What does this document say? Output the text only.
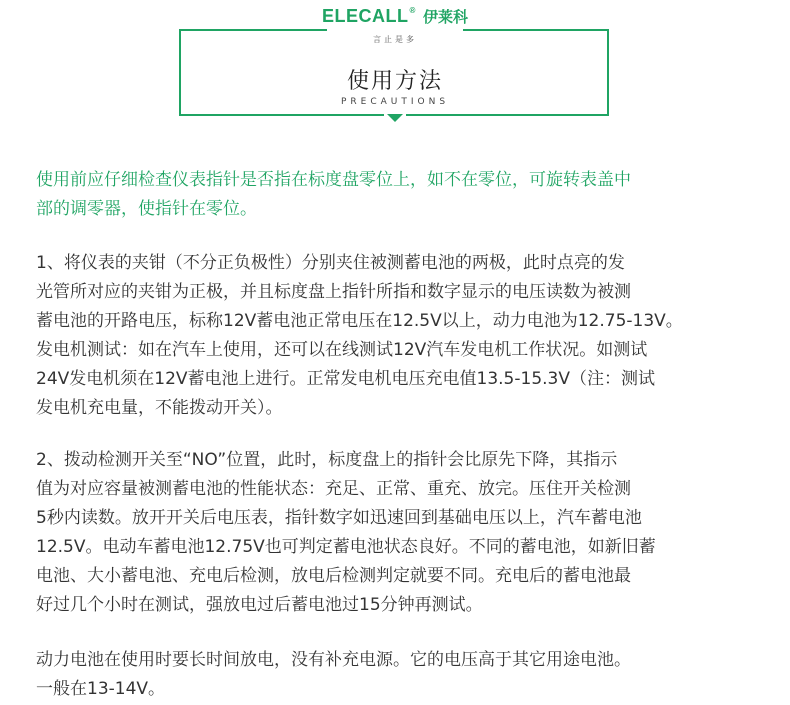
ELECALL® 伊莱科
言止是多
使用方法
PRECAUTIONS

使用前应仔细检查仪表指针是否指在标度盘零位上，如不在零位，可旋转表盖中
部的调零器，使指针在零位。

1、将仪表的夹钳（不分正负极性）分别夹住被测蓄电池的两极，此时点亮的发
光管所对应的夹钳为正极，并且标度盘上指针所指和数字显示的电压读数为被测
蓄电池的开路电压，标称12V蓄电池正常电压在12.5V以上，动力电池为12.75-13V。
发电机测试：如在汽车上使用，还可以在线测试12V汽车发电机工作状况。如测试
24V发电机须在12V蓄电池上进行。正常发电机电压充电值13.5-15.3V（注：测试
发电机充电量，不能拨动开关）。

2、拨动检测开关至“NO”位置，此时，标度盘上的指针会比原先下降，其指示
值为对应容量被测蓄电池的性能状态：充足、正常、重充、放完。压住开关检测
5秒内读数。放开开关后电压表，指针数字如迅速回到基础电压以上，汽车蓄电池
12.5V。电动车蓄电池12.75V也可判定蓄电池状态良好。不同的蓄电池，如新旧蓄
电池、大小蓄电池、充电后检测，放电后检测判定就要不同。充电后的蓄电池最
好过几个小时在测试，强放电过后蓄电池过15分钟再测试。

动力电池在使用时要长时间放电，没有补充电源。它的电压高于其它用途电池。
一般在13-14V。
